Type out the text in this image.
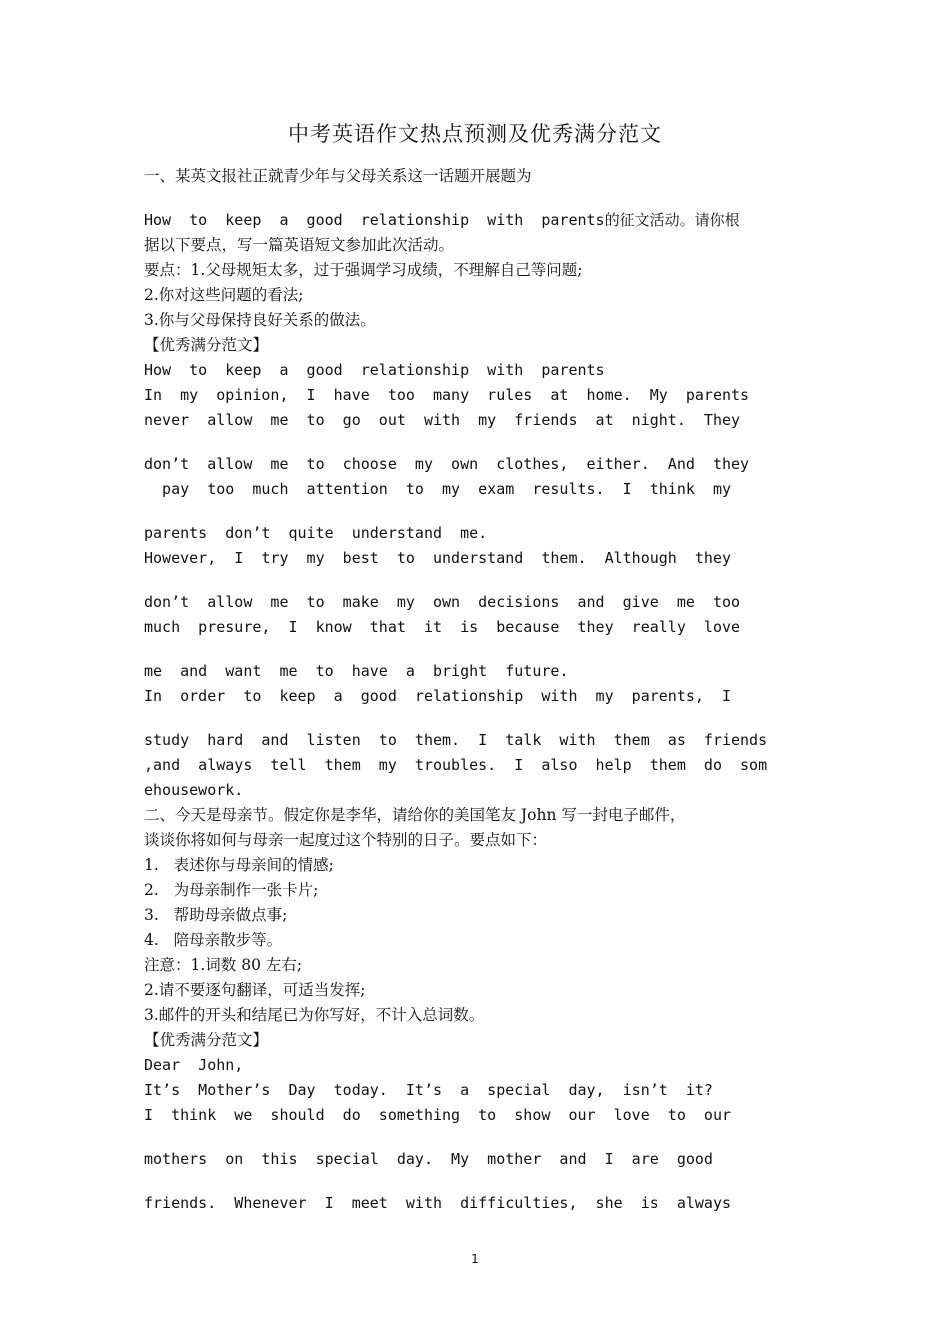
中考英语作文热点预测及优秀满分范文
一、某英文报社正就青少年与父母关系这一话题开展题为
How  to  keep  a  good  relationship  with  parents的征文活动。请你根
据以下要点，写一篇英语短文参加此次活动。
要点：1.父母规矩太多，过于强调学习成绩，不理解自己等问题;
2.你对这些问题的看法;
3.你与父母保持良好关系的做法。
【优秀满分范文】
How  to  keep  a  good  relationship  with  parents
In  my  opinion,  I  have  too  many  rules  at  home.  My  parents
never  allow  me  to  go  out  with  my  friends  at  night.  They
don’t  allow  me  to  choose  my  own  clothes,  either.  And  they
pay  too  much  attention  to  my  exam  results.  I  think  my
parents  don’t  quite  understand  me.
However,  I  try  my  best  to  understand  them.  Although  they
don’t  allow  me  to  make  my  own  decisions  and  give  me  too
much  presure,  I  know  that  it  is  because  they  really  love
me  and  want  me  to  have  a  bright  future.
In  order  to  keep  a  good  relationship  with  my  parents,  I
study  hard  and  listen  to  them.  I  talk  with  them  as  friends
,and  always  tell  them  my  troubles.  I  also  help  them  do  som
ehousework.
二、今天是母亲节。假定你是李华，请给你的美国笔友 John 写一封电子邮件，
谈谈你将如何与母亲一起度过这个特别的日子。要点如下：
1.   表述你与母亲间的情感;
2.   为母亲制作一张卡片;
3.   帮助母亲做点事;
4.   陪母亲散步等。
注意：1.词数 80 左右;
2.请不要逐句翻译，可适当发挥;
3.邮件的开头和结尾已为你写好，不计入总词数。
【优秀满分范文】
Dear  John,
It’s  Mother’s  Day  today.  It’s  a  special  day,  isn’t  it?
I  think  we  should  do  something  to  show  our  love  to  our
mothers  on  this  special  day.  My  mother  and  I  are  good
friends.  Whenever  I  meet  with  difficulties,  she  is  always
1
